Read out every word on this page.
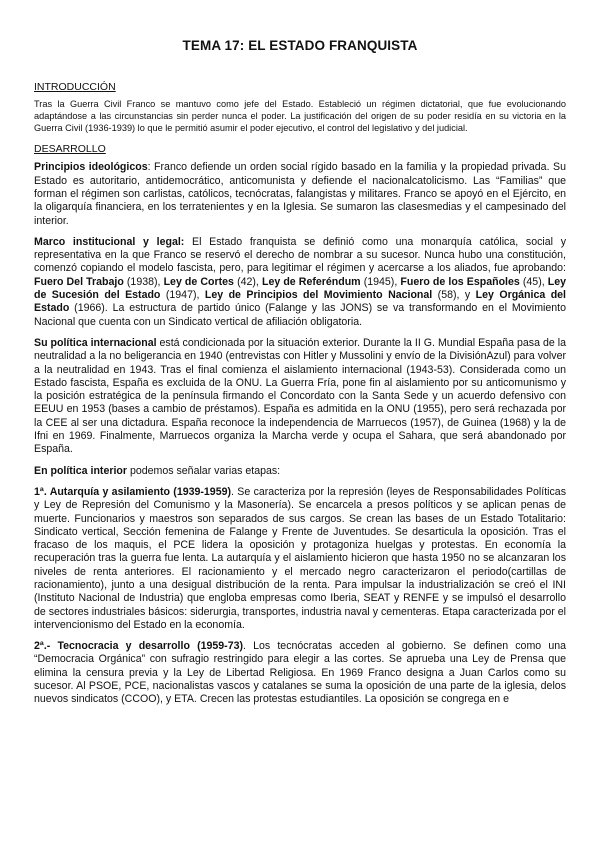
TEMA 17: EL ESTADO FRANQUISTA
INTRODUCCIÓN

Tras la Guerra Civil Franco se mantuvo como jefe del Estado. Estableció un régimen dictatorial, que fue evolucionando adaptándose a las circunstancias sin perder nunca el poder. La justificación del origen de su poder residía en su victoria en la Guerra Civil (1936-1939) lo que le permitió asumir el poder ejecutivo, el control del legislativo y del judicial.

DESARROLLO

Principios ideológicos: Franco defiende un orden social rígido basado en la familia y la propiedad privada. Su Estado es autoritario, antidemocrático, anticomunista y defiende el nacionalcatolicismo. Las “Familias” que forman el régimen son carlistas, católicos, tecnócratas, falangistas y militares. Franco se apoyó en el Ejército, en la oligarquía financiera, en los terratenientes y en la Iglesia. Se sumaron las clasesmedias y el campesinado del interior.

Marco institucional y legal: El Estado franquista se definió como una monarquía católica, social y representativa en la que Franco se reservó el derecho de nombrar a su sucesor. Nunca hubo una constitución, comenzó copiando el modelo fascista, pero, para legitimar el régimen y acercarse a los aliados, fue aprobando: Fuero Del Trabajo (1938), Ley de Cortes (42), Ley de Referéndum (1945), Fuero de los Españoles (45), Ley de Sucesión del Estado (1947), Ley de Principios del Movimiento Nacional (58), y Ley Orgánica del Estado (1966). La estructura de partido único (Falange y las JONS) se va transformando en el Movimiento Nacional que cuenta con un Sindicato vertical de afiliación obligatoria.

Su política internacional está condicionada por la situación exterior. Durante la II G. Mundial España pasa de la neutralidad a la no beligerancia en 1940 (entrevistas con Hitler y Mussolini y envío de la DivisiónAzul) para volver a la neutralidad en 1943. Tras el final comienza el aislamiento internacional (1943-53). Considerada como un Estado fascista, España es excluida de la ONU. La Guerra Fría, pone fin al aislamiento por su anticomunismo y la posición estratégica de la península firmando el Concordato con la Santa Sede y un acuerdo defensivo con EEUU en 1953 (bases a cambio de préstamos). España es admitida en la ONU (1955), pero será rechazada por la CEE al ser una dictadura. España reconoce la independencia de Marruecos (1957), de Guinea (1968) y la de Ifni en 1969. Finalmente, Marruecos organiza la Marcha verde y ocupa el Sahara, que será abandonado por España.

En política interior podemos señalar varias etapas:

1ª. Autarquía y asilamiento (1939-1959). Se caracteriza por la represión (leyes de Responsabilidades Políticas y Ley de Represión del Comunismo y la Masonería). Se encarcela a presos políticos y se aplican penas de muerte. Funcionarios y maestros son separados de sus cargos. Se crean las bases de un Estado Totalitario: Sindicato vertical, Sección femenina de Falange y Frente de Juventudes. Se desarticula la oposición. Tras el fracaso de los maquis, el PCE lidera la oposición y protagoniza huelgas y protestas. En economía la recuperación tras la guerra fue lenta. La autarquía y el aislamiento hicieron que hasta 1950 no se alcanzaran los niveles de renta anteriores. El racionamiento y el mercado negro caracterizaron el periodo(cartillas de racionamiento), junto a una desigual distribución de la renta. Para impulsar la industrialización se creó el INI (Instituto Nacional de Industria) que engloba empresas como Iberia, SEAT y RENFE y se impulsó el desarrollo de sectores industriales básicos: siderurgia, transportes, industria naval y cementeras. Etapa caracterizada por el intervencionismo del Estado en la economía.

2ª.- Tecnocracia y desarrollo (1959-73). Los tecnócratas acceden al gobierno. Se definen como una “Democracia Orgánica” con sufragio restringido para elegir a las cortes. Se aprueba una Ley de Prensa que elimina la censura previa y la Ley de Libertad Religiosa. En 1969 Franco designa a Juan Carlos como su sucesor. Al PSOE, PCE, nacionalistas vascos y catalanes se suma la oposición de una parte de la iglesia, delos nuevos sindicatos (CCOO), y ETA. Crecen las protestas estudiantiles. La oposición se congrega en e
